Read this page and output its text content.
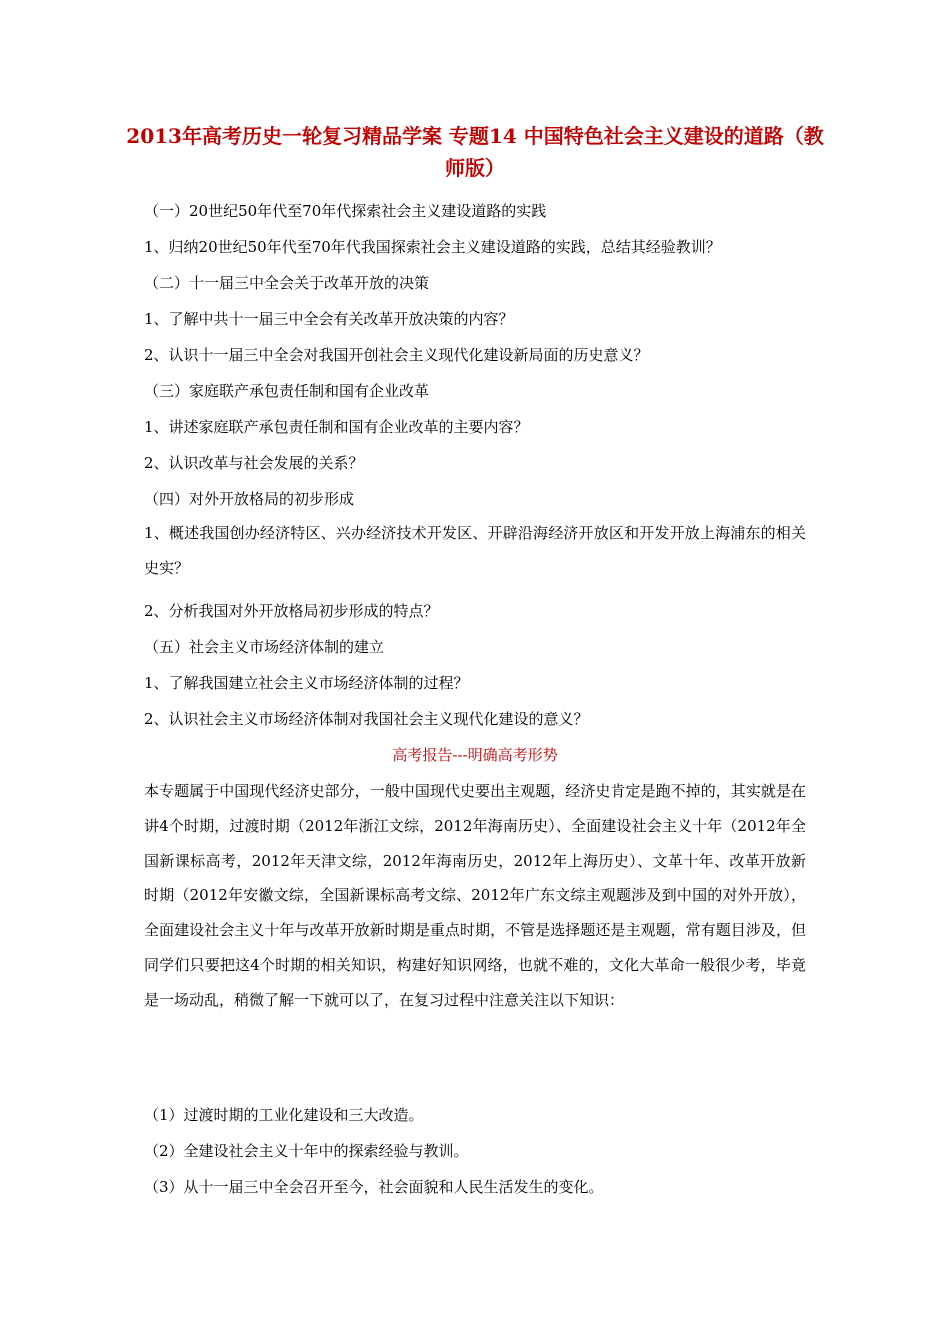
2013年高考历史一轮复习精品学案 专题14 中国特色社会主义建设的道路（教师版）

（一）20世纪50年代至70年代探索社会主义建设道路的实践

1、归纳20世纪50年代至70年代我国探索社会主义建设道路的实践，总结其经验教训？

（二）十一届三中全会关于改革开放的决策

1、了解中共十一届三中全会有关改革开放决策的内容？

2、认识十一届三中全会对我国开创社会主义现代化建设新局面的历史意义？

（三）家庭联产承包责任制和国有企业改革

1、讲述家庭联产承包责任制和国有企业改革的主要内容？

2、认识改革与社会发展的关系？

（四）对外开放格局的初步形成

1、概述我国创办经济特区、兴办经济技术开发区、开辟沿海经济开放区和开发开放上海浦东的相关史实？

2、分析我国对外开放格局初步形成的特点？

（五）社会主义市场经济体制的建立

1、了解我国建立社会主义市场经济体制的过程？

2、认识社会主义市场经济体制对我国社会主义现代化建设的意义？

高考报告---明确高考形势

本专题属于中国现代经济史部分，一般中国现代史要出主观题，经济史肯定是跑不掉的，其实就是在讲4个时期，过渡时期（2012年浙江文综，2012年海南历史）、全面建设社会主义十年（2012年全国新课标高考，2012年天津文综，2012年海南历史，2012年上海历史）、文革十年、改革开放新时期（2012年安徽文综，全国新课标高考文综、2012年广东文综主观题涉及到中国的对外开放），全面建设社会主义十年与改革开放新时期是重点时期，不管是选择题还是主观题，常有题目涉及，但同学们只要把这4个时期的相关知识，构建好知识网络，也就不难的，文化大革命一般很少考，毕竟是一场动乱，稍微了解一下就可以了，在复习过程中注意关注以下知识：

（1）过渡时期的工业化建设和三大改造。

（2）全建设社会主义十年中的探索经验与教训。

（3）从十一届三中全会召开至今，社会面貌和人民生活发生的变化。
